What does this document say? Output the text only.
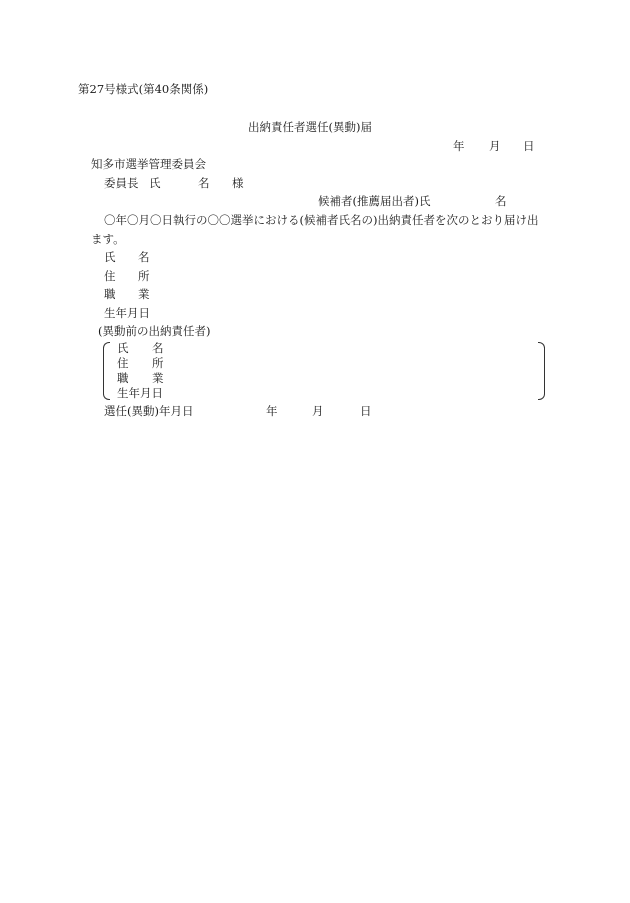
第27号様式(第40条関係)
出納責任者選任(異動)届
年 月 日
知多市選挙管理委員会
委員長 氏	名 様
候補者(推薦届出者)氏	名
〇年〇月〇日執行の〇〇選挙における(候補者氏名の)出納責任者を次のとおり届け出
ます。
氏 名
住 所
職 業
生年月日
(異動前の出納責任者)
氏 名
住 所
職 業
生年月日
選任(異動)年月日	年	月	日
